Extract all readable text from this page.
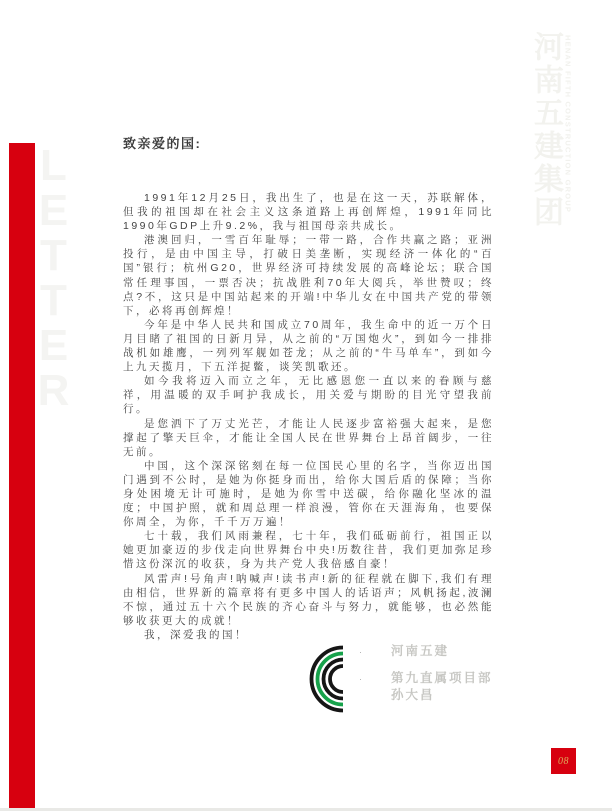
LETTER
河南五建集团 HENAN FIFTH CONSTRUCTION GROUP
致亲爱的国:

1991年12月25日，我出生了，也是在这一天，苏联解体，但我的祖国却在社会主义这条道路上再创辉煌，1991年同比1990年GDP上升9.2%，我与祖国母亲共成长。

港澳回归，一雪百年耻辱；一带一路，合作共赢之路；亚洲投行，是由中国主导，打破日美垄断，实现经济一体化的“百国”银行；杭州G20，世界经济可持续发展的高峰论坛；联合国常任理事国，一票否决；抗战胜利70年大阅兵，举世赞叹；终点?不，这只是中国站起来的开端!中华儿女在中国共产党的带领下，必将再创辉煌！

今年是中华人民共和国成立70周年，我生命中的近一万个日月目睹了祖国的日新月异，从之前的“万国炮火”，到如今一排排战机如雄鹰，一列列军舰如苍龙；从之前的“牛马单车”，到如今上九天揽月，下五洋捉鳖，谈笑凯歌还。

如今我将迈入而立之年，无比感恩您一直以来的眷顾与慈祥，用温暖的双手呵护我成长，用关爱与期盼的目光守望我前行。

是您洒下了万丈光芒，才能让人民逐步富裕强大起来，是您撑起了擎天巨伞，才能让全国人民在世界舞台上昂首阔步，一往无前。

中国，这个深深铭刻在每一位国民心里的名字，当你迈出国门遇到不公时，是她为你挺身而出，给你大国后盾的保障；当你身处困境无计可施时，是她为你雪中送碳，给你融化坚冰的温度；中国护照，就和周总理一样浪漫，管你在天涯海角，也要保你周全，为你，千千万万遍！

七十载，我们风雨兼程，七十年，我们砥砺前行，祖国正以她更加豪迈的步伐走向世界舞台中央!历数往昔，我们更加弥足珍惜这份深沉的收获，身为共产党人我倍感自豪！

风雷声!号角声!呐喊声!读书声!新的征程就在脚下,我们有理由相信，世界新的篇章将有更多中国人的话语声；风帆扬起,波澜不惊，通过五十六个民族的齐心奋斗与努力，就能够，也必然能够收获更大的成就！

我，深爱我的国！

· 河南五建
· 第九直属项目部
孙大昌
08
